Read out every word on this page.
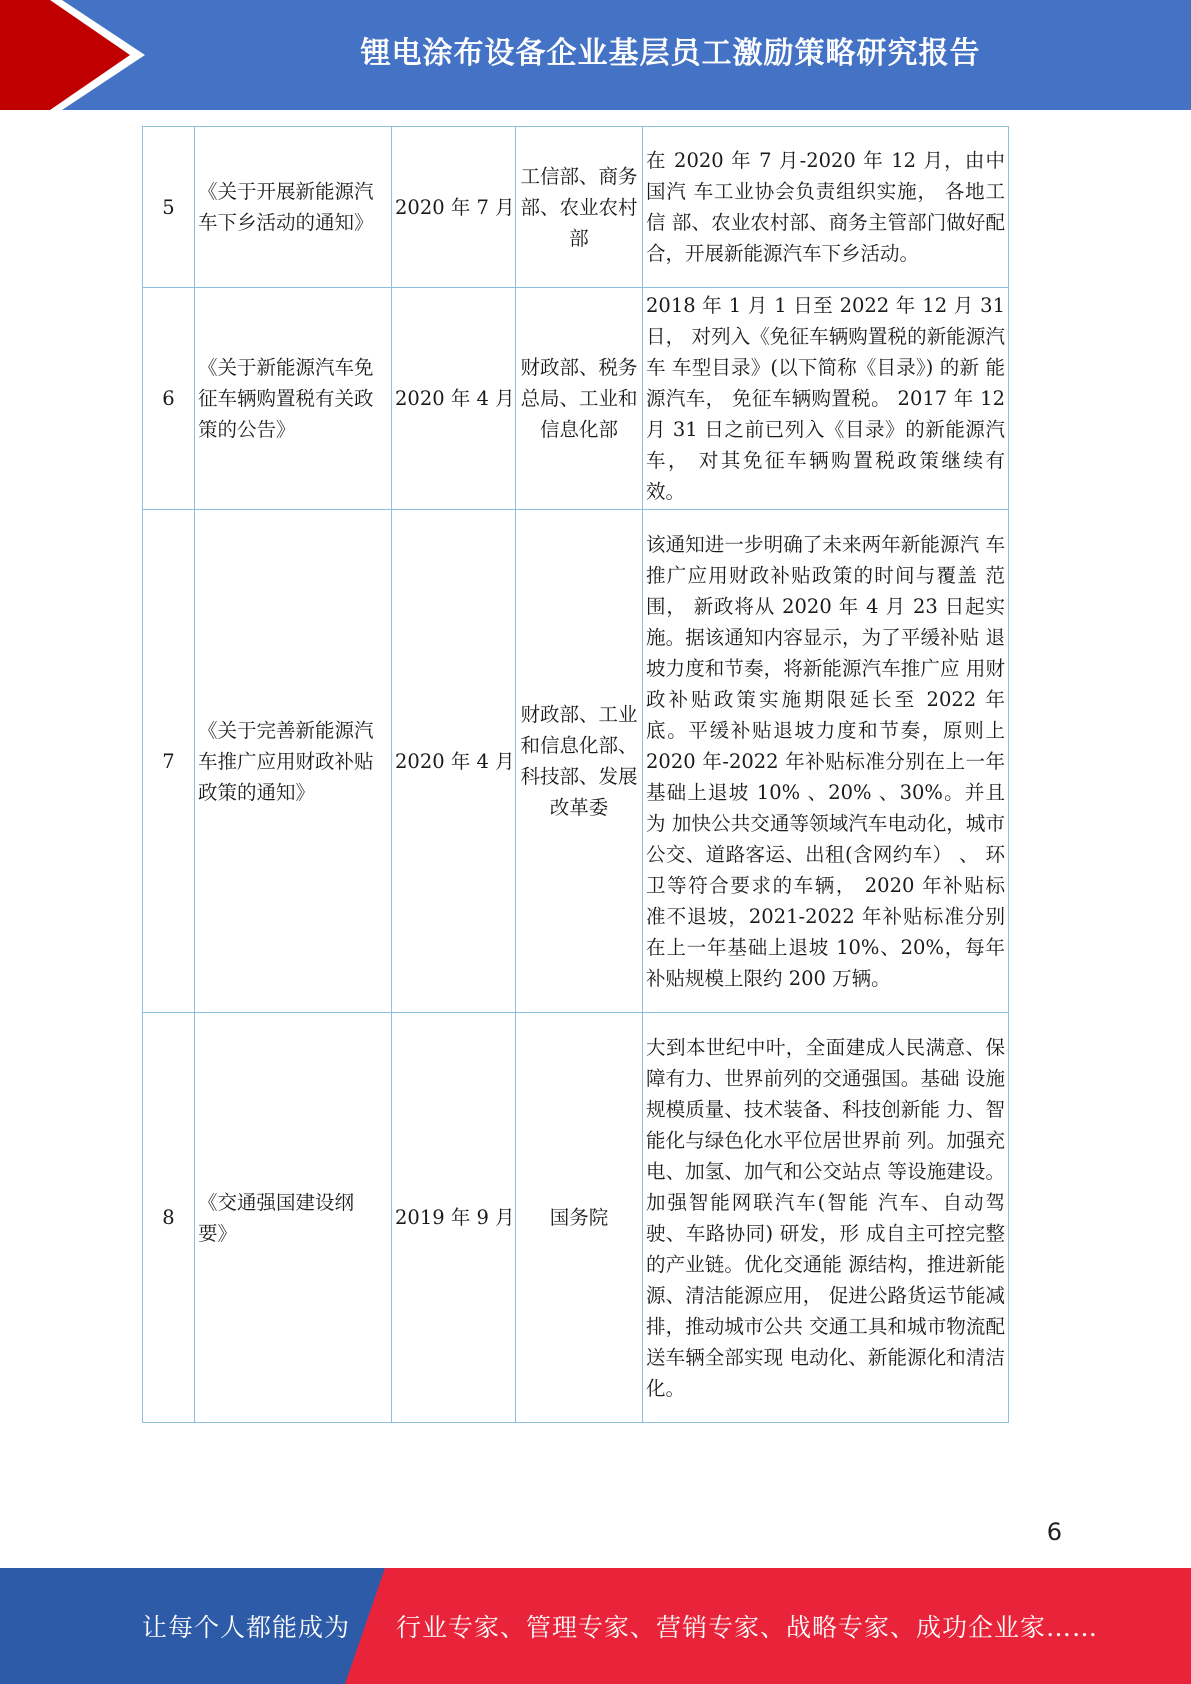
锂电涂布设备企业基层员工激励策略研究报告
5	《关于开展新能源汽 车下乡活动的通知》	2020 年 7 月	工信部、商务部、农业农村部	在 2020 年 7 月-2020 年 12 月，由中国汽 车工业协会负责组织实施， 各地工信 部、农业农村部、商务主管部门做好配 合，开展新能源汽车下乡活动。
6	《关于新能源汽车免 征车辆购置税有关政 策的公告》	2020 年 4 月	财政部、税务总局、工业和信息化部	2018 年 1 月 1 日至 2022 年 12 月 31 日， 对列入《免征车辆购置税的新能源汽车 车型目录》(以下简称《目录》) 的新 能源汽车， 免征车辆购置税。 2017 年 12 月 31 日之前已列入《目录》的新能源汽 车， 对其免征车辆购置税政策继续有 效。
7	《关于完善新能源汽 车推广应用财政补贴 政策的通知》	2020 年 4 月	财政部、工业和信息化部、科技部、发展改革委	该通知进一步明确了未来两年新能源汽 车推广应用财政补贴政策的时间与覆盖 范围， 新政将从 2020 年 4 月 23 日起实 施。据该通知内容显示，为了平缓补贴 退坡力度和节奏，将新能源汽车推广应 用财政补贴政策实施期限延长至 2022 年 底。平缓补贴退坡力度和节奏，原则上 2020 年-2022 年补贴标准分别在上一年 基础上退坡 10% 、20% 、30%。并且为 加快公共交通等领域汽车电动化，城市 公交、道路客运、出租(含网约车） 、 环卫等符合要求的车辆， 2020 年补贴标 准不退坡，2021-2022 年补贴标准分别在上一年基础上退坡 10%、20%，每年 补贴规模上限约 200 万辆。
8	《交通强国建设纲 要》	2019 年 9 月	国务院	大到本世纪中叶，全面建成人民满意、保障有力、世界前列的交通强国。基础 设施规模质量、技术装备、科技创新能 力、智能化与绿色化水平位居世界前 列。加强充电、加氢、加气和公交站点 等设施建设。加强智能网联汽车(智能 汽车、自动驾驶、车路协同) 研发，形 成自主可控完整的产业链。优化交通能 源结构，推进新能源、清洁能源应用， 促进公路货运节能减排，推动城市公共 交通工具和城市物流配送车辆全部实现 电动化、新能源化和清洁化。
6
让每个人都能成为 行业专家、管理专家、营销专家、战略专家、成功企业家……
